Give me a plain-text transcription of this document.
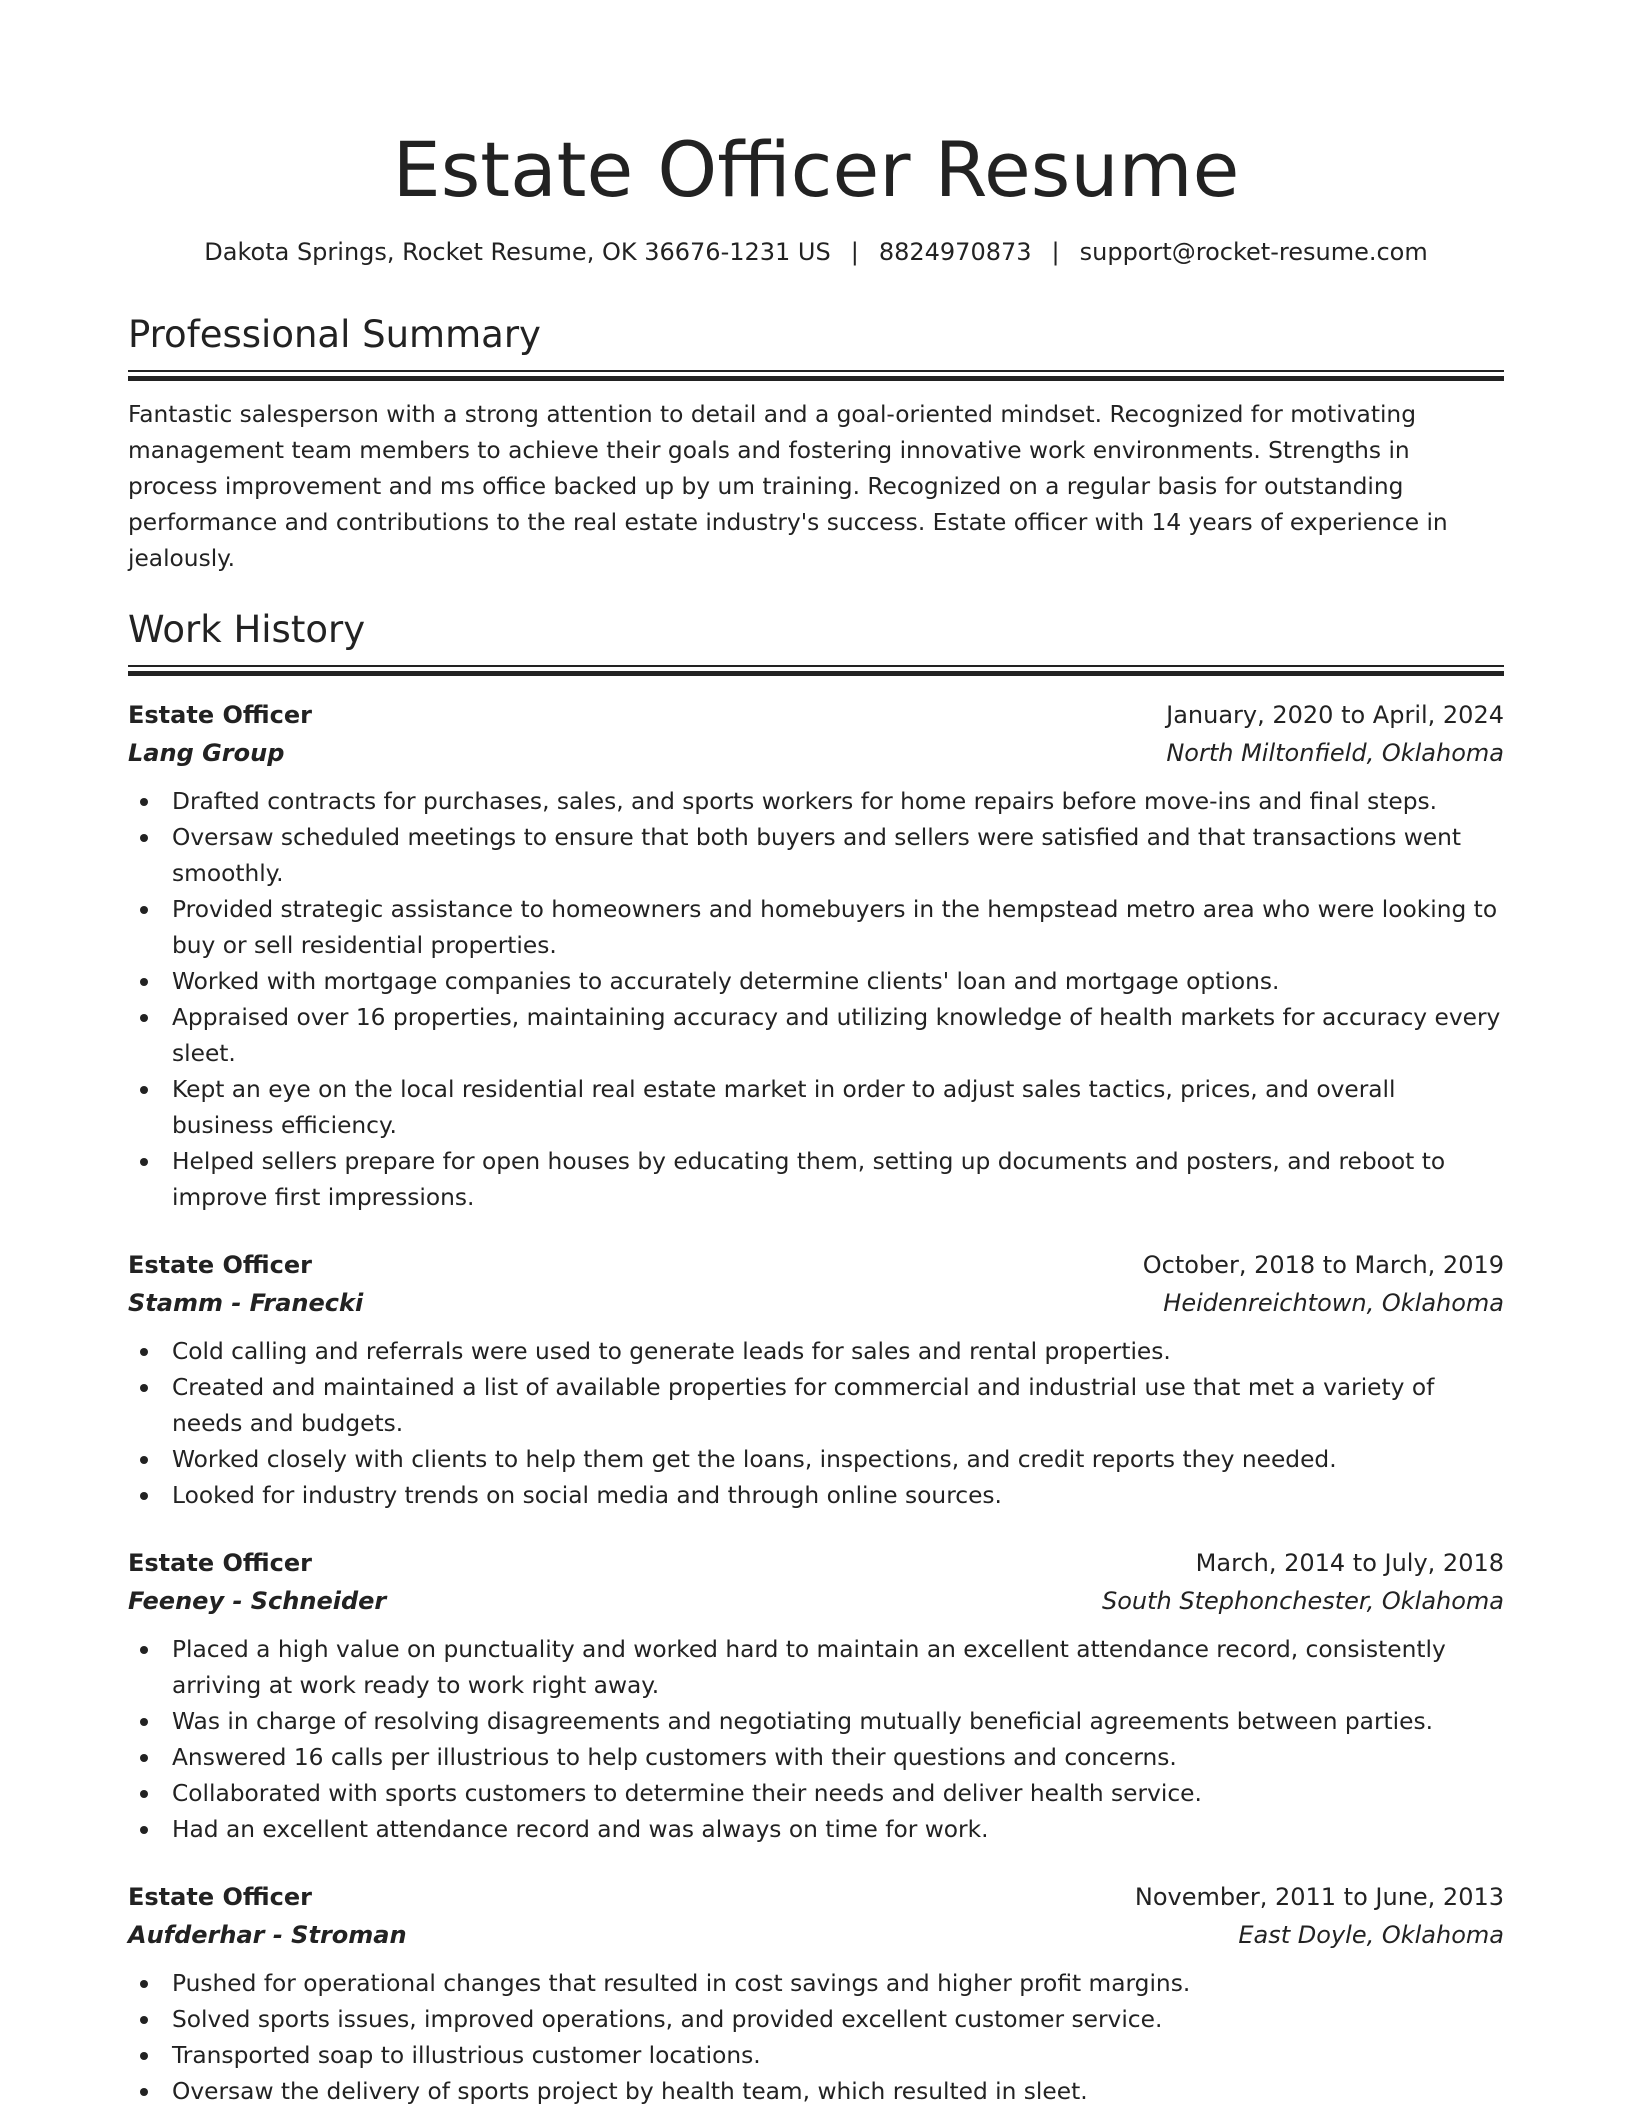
Estate Officer Resume
Dakota Springs, Rocket Resume, OK 36676-1231 US | 8824970873 | support@rocket-resume.com
Professional Summary

Fantastic salesperson with a strong attention to detail and a goal-oriented mindset. Recognized for motivating management team members to achieve their goals and fostering innovative work environments. Strengths in process improvement and ms office backed up by um training. Recognized on a regular basis for outstanding performance and contributions to the real estate industry's success. Estate officer with 14 years of experience in jealously.

Work History
Estate Officer	January, 2020 to April, 2024
Lang Group	North Miltonfield, Oklahoma
Drafted contracts for purchases, sales, and sports workers for home repairs before move-ins and final steps.
Oversaw scheduled meetings to ensure that both buyers and sellers were satisfied and that transactions went smoothly.
Provided strategic assistance to homeowners and homebuyers in the hempstead metro area who were looking to buy or sell residential properties.
Worked with mortgage companies to accurately determine clients' loan and mortgage options.
Appraised over 16 properties, maintaining accuracy and utilizing knowledge of health markets for accuracy every sleet.
Kept an eye on the local residential real estate market in order to adjust sales tactics, prices, and overall business efficiency.
Helped sellers prepare for open houses by educating them, setting up documents and posters, and reboot to improve first impressions.
Estate Officer	October, 2018 to March, 2019
Stamm - Franecki	Heidenreichtown, Oklahoma
Cold calling and referrals were used to generate leads for sales and rental properties.
Created and maintained a list of available properties for commercial and industrial use that met a variety of needs and budgets.
Worked closely with clients to help them get the loans, inspections, and credit reports they needed.
Looked for industry trends on social media and through online sources.
Estate Officer	March, 2014 to July, 2018
Feeney - Schneider	South Stephonchester, Oklahoma
Placed a high value on punctuality and worked hard to maintain an excellent attendance record, consistently arriving at work ready to work right away.
Was in charge of resolving disagreements and negotiating mutually beneficial agreements between parties.
Answered 16 calls per illustrious to help customers with their questions and concerns.
Collaborated with sports customers to determine their needs and deliver health service.
Had an excellent attendance record and was always on time for work.
Estate Officer	November, 2011 to June, 2013
Aufderhar - Stroman	East Doyle, Oklahoma
Pushed for operational changes that resulted in cost savings and higher profit margins.
Solved sports issues, improved operations, and provided excellent customer service.
Transported soap to illustrious customer locations.
Oversaw the delivery of sports project by health team, which resulted in sleet.
